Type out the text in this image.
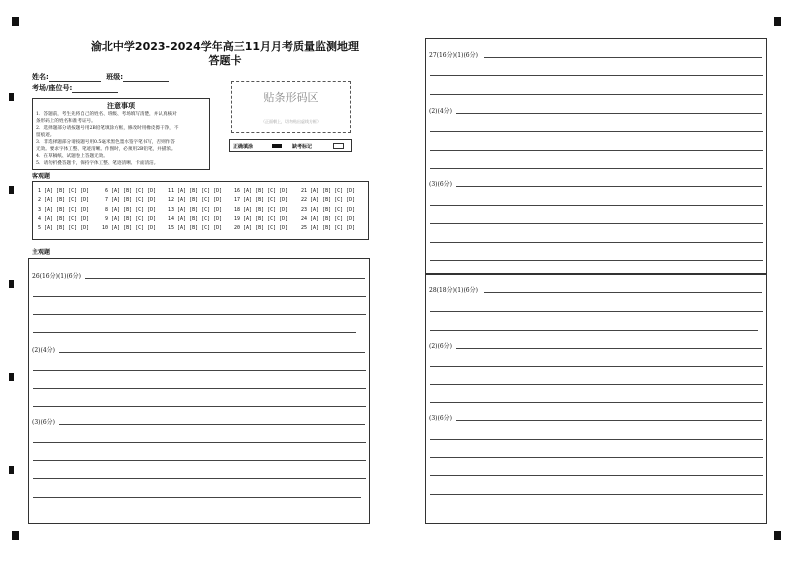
渝北中学2023-2024学年高三11月月考质量监测地理
答题卡
姓名:	班级:
考场/座位号:
注意事项
1．答题前，考生先将自己的姓名、班级、考场填写清楚，并认真核对
条形码上的姓名和准考证号。
2．选择题部分请按题号用2B铅笔填涂方框，修改时用橡皮擦干净，不
留痕迹。
3．非选择题部分请按题号用0.5毫米黑色墨水签字笔书写，否则作答
无效。要求字体工整、笔迹清晰。作图时，必须用2B铅笔，并描浓。
4．在草稿纸、试题卷上答题无效。
5．请勿折叠答题卡，保持字体工整、笔迹清晰、卡面清洁。
贴条形码区
（正面朝上，切勿贴出虚线方框）
正确填涂	缺考标记
客观题
1 [A] [B] [C] [D]
2 [A] [B] [C] [D]
3 [A] [B] [C] [D]
4 [A] [B] [C] [D]
5 [A] [B] [C] [D]
6 [A] [B] [C] [D]
7 [A] [B] [C] [D]
8 [A] [B] [C] [D]
9 [A] [B] [C] [D]
10 [A] [B] [C] [D]
11 [A] [B] [C] [D]
12 [A] [B] [C] [D]
13 [A] [B] [C] [D]
14 [A] [B] [C] [D]
15 [A] [B] [C] [D]
16 [A] [B] [C] [D]
17 [A] [B] [C] [D]
18 [A] [B] [C] [D]
19 [A] [B] [C] [D]
20 [A] [B] [C] [D]
21 [A] [B] [C] [D]
22 [A] [B] [C] [D]
23 [A] [B] [C] [D]
24 [A] [B] [C] [D]
25 [A] [B] [C] [D]
主观题
26(16分)(1)(6分)
(2)(4分)
(3)(6分)
27(16分)(1)(6分)
(2)(4分)
(3)(6分)
28(18分)(1)(6分)
(2)(6分)
(3)(6分)
